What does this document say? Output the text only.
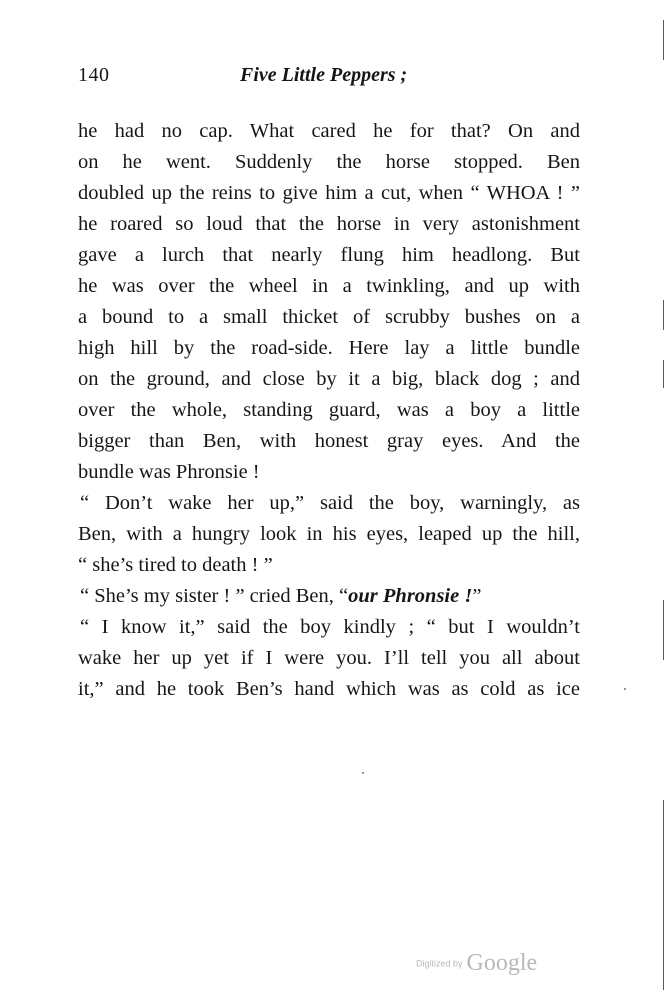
140	Five Little Peppers ;
he had no cap. What cared he for that? On and
on he went. Suddenly the horse stopped. Ben
doubled up the reins to give him a cut, when “ WHOA ! ”
he roared so loud that the horse in very astonishment
gave a lurch that nearly flung him headlong. But
he was over the wheel in a twinkling, and up with
a bound to a small thicket of scrubby bushes on a
high hill by the road-side. Here lay a little bundle
on the ground, and close by it a big, black dog ; and
over the whole, standing guard, was a boy a little
bigger than Ben, with honest gray eyes. And the
bundle was Phronsie !
“ Don’t wake her up,” said the boy, warningly, as
Ben, with a hungry look in his eyes, leaped up the hill,
“ she’s tired to death ! ”
“ She’s my sister ! ” cried Ben, “our Phronsie !”
“ I know it,” said the boy kindly ; “ but I wouldn’t
wake her up yet if I were you. I’ll tell you all about
it,” and he took Ben’s hand which was as cold as ice
Digitized by Google
